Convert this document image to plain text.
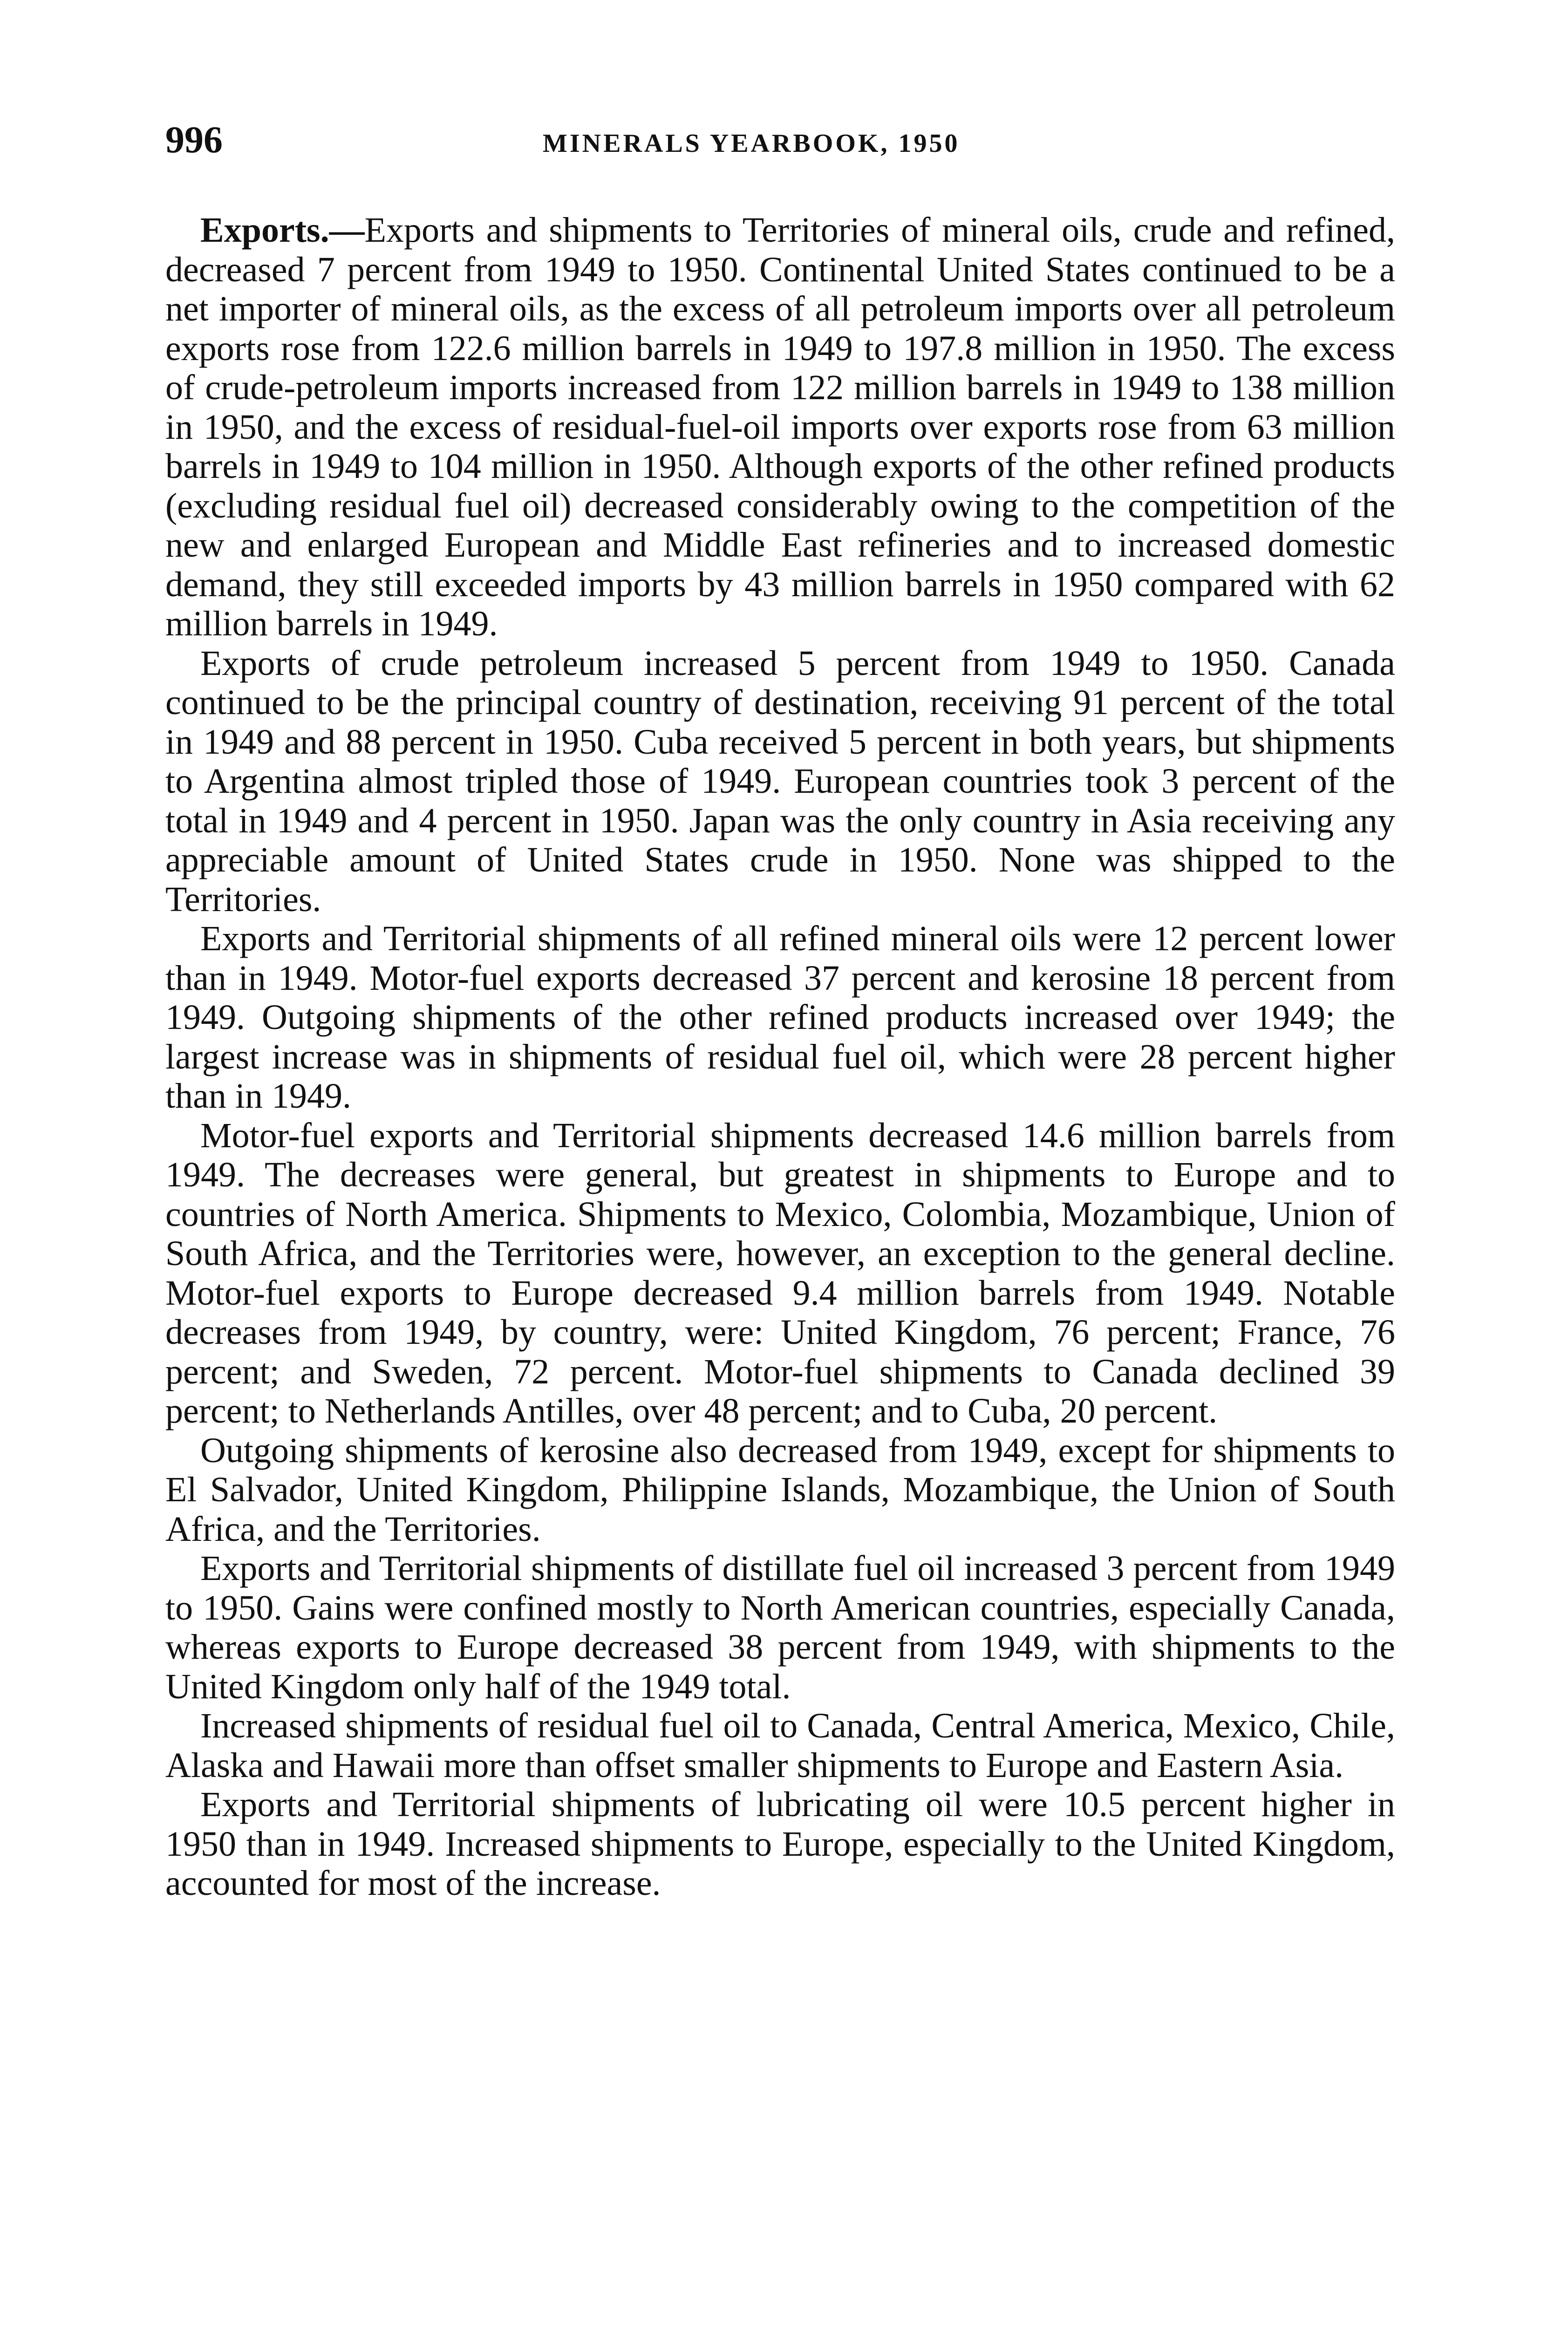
996	MINERALS YEARBOOK, 1950

Exports.—Exports and shipments to Territories of mineral oils, crude and refined, decreased 7 percent from 1949 to 1950. Continental United States continued to be a net importer of mineral oils, as the excess of all petroleum imports over all petroleum exports rose from 122.6 million barrels in 1949 to 197.8 million in 1950. The excess of crude-petroleum imports increased from 122 million barrels in 1949 to 138 million in 1950, and the excess of residual-fuel-oil imports over exports rose from 63 million barrels in 1949 to 104 million in 1950. Although exports of the other refined products (excluding residual fuel oil) decreased considerably owing to the competition of the new and enlarged European and Middle East refineries and to increased domestic demand, they still exceeded imports by 43 million barrels in 1950 compared with 62 million barrels in 1949.

Exports of crude petroleum increased 5 percent from 1949 to 1950. Canada continued to be the principal country of destination, receiving 91 percent of the total in 1949 and 88 percent in 1950. Cuba received 5 percent in both years, but shipments to Argentina almost tripled those of 1949. European countries took 3 percent of the total in 1949 and 4 percent in 1950. Japan was the only country in Asia receiving any appreciable amount of United States crude in 1950. None was shipped to the Territories.

Exports and Territorial shipments of all refined mineral oils were 12 percent lower than in 1949. Motor-fuel exports decreased 37 percent and kerosine 18 percent from 1949. Outgoing shipments of the other refined products increased over 1949; the largest increase was in shipments of residual fuel oil, which were 28 percent higher than in 1949.

Motor-fuel exports and Territorial shipments decreased 14.6 million barrels from 1949. The decreases were general, but greatest in shipments to Europe and to countries of North America. Shipments to Mexico, Colombia, Mozambique, Union of South Africa, and the Territories were, however, an exception to the general decline. Motor-fuel exports to Europe decreased 9.4 million barrels from 1949. Notable decreases from 1949, by country, were: United Kingdom, 76 percent; France, 76 percent; and Sweden, 72 percent. Motor-fuel shipments to Canada declined 39 percent; to Netherlands Antilles, over 48 percent; and to Cuba, 20 percent.

Outgoing shipments of kerosine also decreased from 1949, except for shipments to El Salvador, United Kingdom, Philippine Islands, Mozambique, the Union of South Africa, and the Territories.

Exports and Territorial shipments of distillate fuel oil increased 3 percent from 1949 to 1950. Gains were confined mostly to North American countries, especially Canada, whereas exports to Europe decreased 38 percent from 1949, with shipments to the United Kingdom only half of the 1949 total.

Increased shipments of residual fuel oil to Canada, Central America, Mexico, Chile, Alaska and Hawaii more than offset smaller shipments to Europe and Eastern Asia.

Exports and Territorial shipments of lubricating oil were 10.5 percent higher in 1950 than in 1949. Increased shipments to Europe, especially to the United Kingdom, accounted for most of the increase.
